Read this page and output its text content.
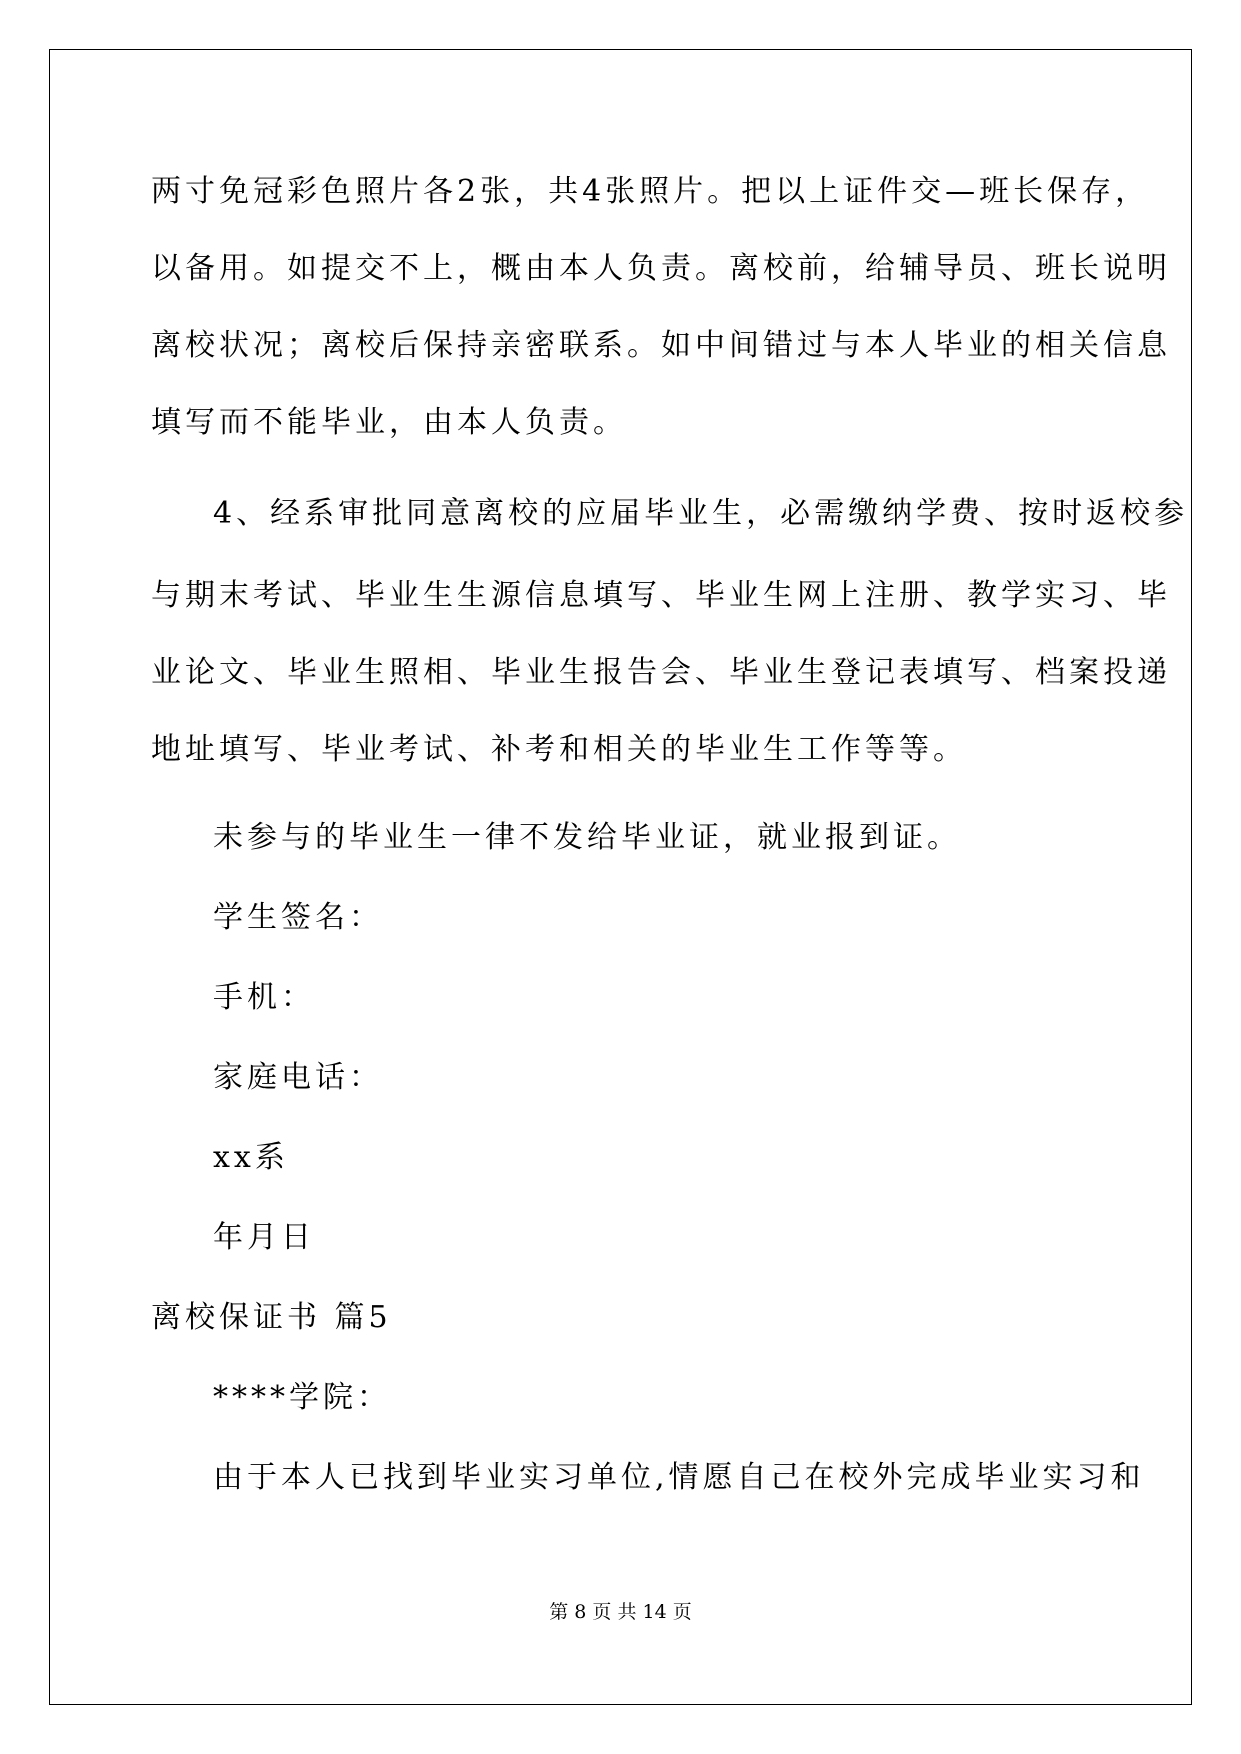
两寸免冠彩色照片各2张，共4张照片。把以上证件交—班长保存，
以备用。如提交不上，概由本人负责。离校前，给辅导员、班长说明
离校状况；离校后保持亲密联系。如中间错过与本人毕业的相关信息
填写而不能毕业，由本人负责。
4、经系审批同意离校的应届毕业生，必需缴纳学费、按时返校参
与期末考试、毕业生生源信息填写、毕业生网上注册、教学实习、毕
业论文、毕业生照相、毕业生报告会、毕业生登记表填写、档案投递
地址填写、毕业考试、补考和相关的毕业生工作等等。
未参与的毕业生一律不发给毕业证，就业报到证。
学生签名：
手机：
家庭电话：
xx系
年月日
离校保证书 篇5
****学院：
由于本人已找到毕业实习单位,情愿自己在校外完成毕业实习和
第 8 页 共 14 页
